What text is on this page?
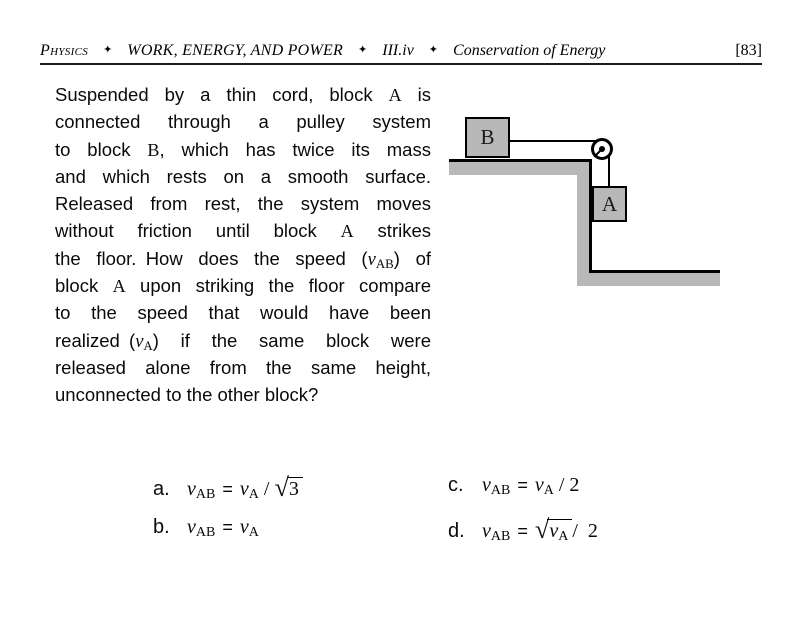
Physics ✦ WORK, ENERGY, AND POWER ✦ III.iv ✦ Conservation of Energy	[83]
Suspended by a thin cord, block A is
connected through a pulley system
to block B, which has twice its mass
and which rests on a smooth surface.
Released from rest, the system moves
without friction until block A strikes
the floor. How does the speed (vAB) of
block A upon striking the floor compare
to the speed that would have been
realized (vA) if the same block were
released alone from the same height,
unconnected to the other block?
B
A
a. vAB = vA / √3	c. vAB = vA / 2
b. vAB = vA	d. vAB = √vA /  2
